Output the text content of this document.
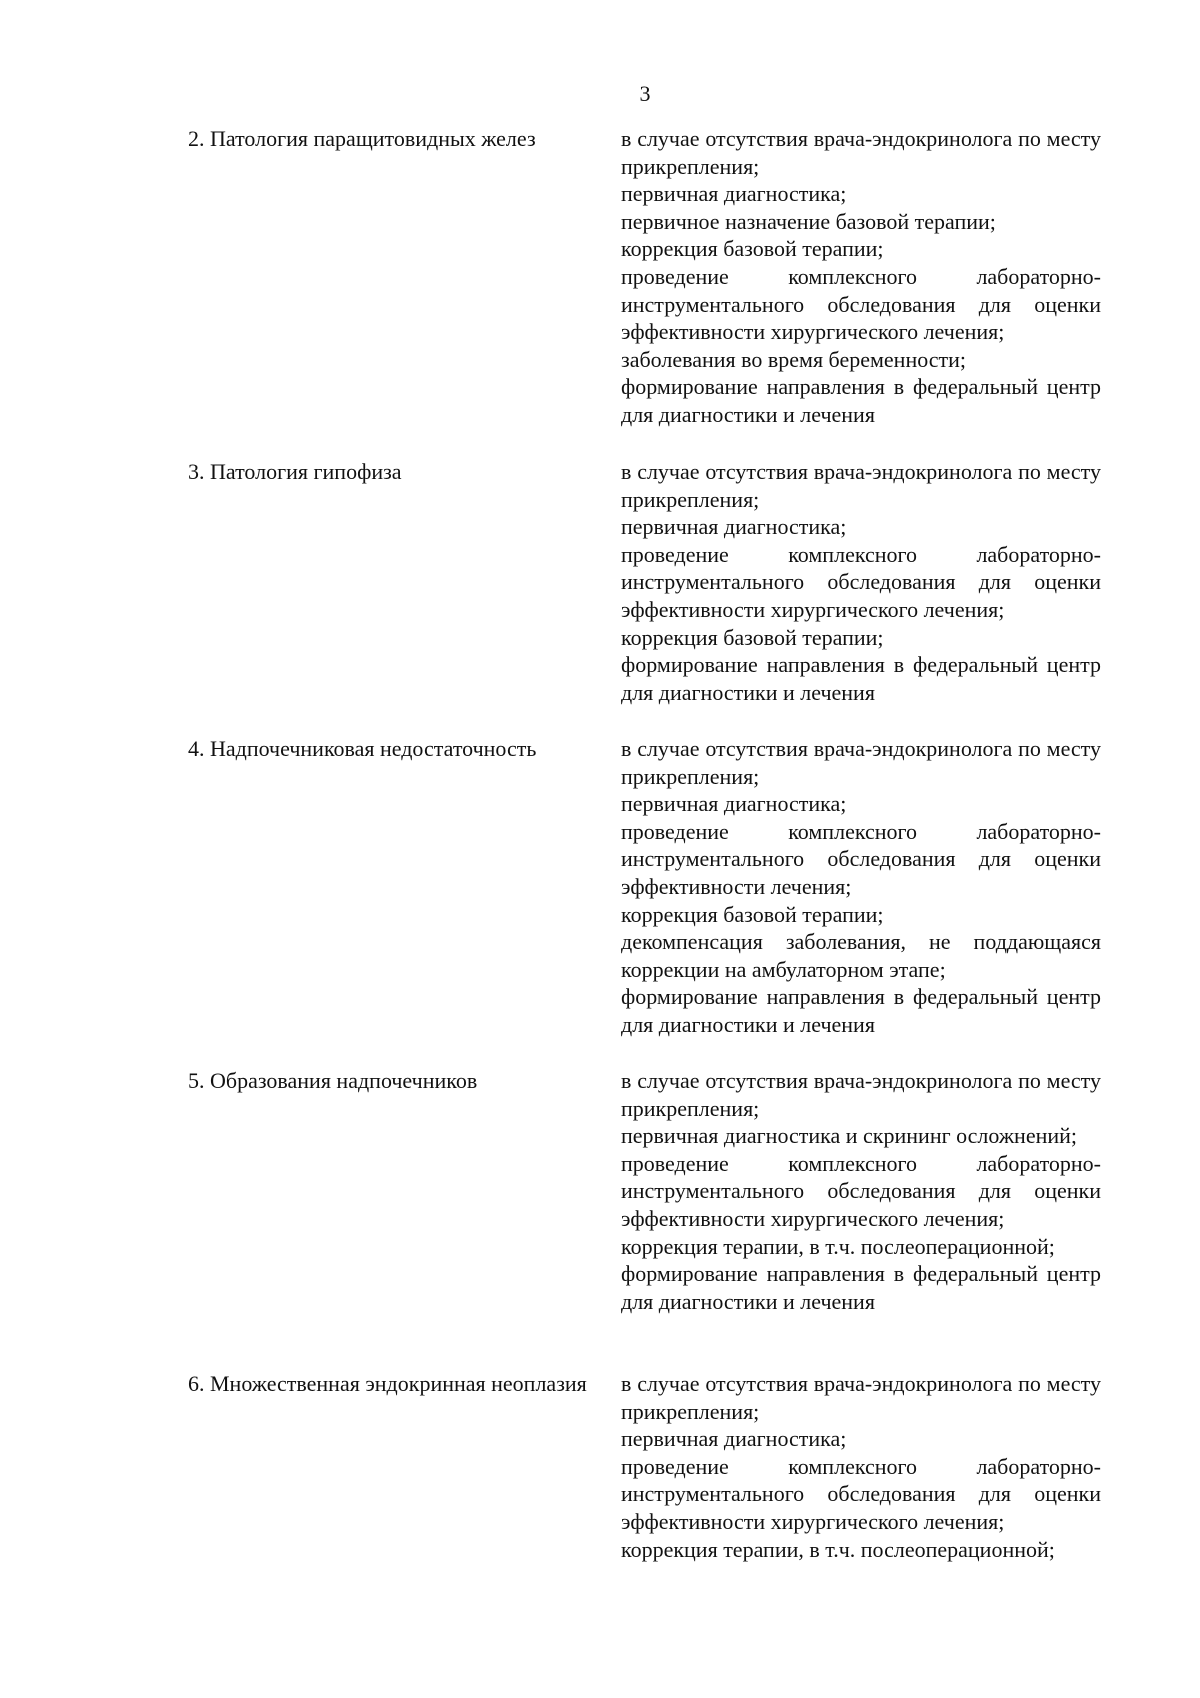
3
2. Патология паращитовидных желез	в случае отсутствия врача-эндокринолога по месту прикрепления;
первичная диагностика;
первичное назначение базовой терапии;
коррекция базовой терапии;
проведение комплексного лабораторно-инструментального обследования для оценки эффективности хирургического лечения;
заболевания во время беременности;
формирование направления в федеральный центр для диагностики и лечения
3. Патология гипофиза	в случае отсутствия врача-эндокринолога по месту прикрепления;
первичная диагностика;
проведение комплексного лабораторно-инструментального обследования для оценки эффективности хирургического лечения;
коррекция базовой терапии;
формирование направления в федеральный центр для диагностики и лечения
4. Надпочечниковая недостаточность	в случае отсутствия врача-эндокринолога по месту прикрепления;
первичная диагностика;
проведение комплексного лабораторно-инструментального обследования для оценки эффективности лечения;
коррекция базовой терапии;
декомпенсация заболевания, не поддающаяся коррекции на амбулаторном этапе;
формирование направления в федеральный центр для диагностики и лечения
5. Образования надпочечников	в случае отсутствия врача-эндокринолога по месту прикрепления;
первичная диагностика и скрининг осложнений;
проведение комплексного лабораторно-инструментального обследования для оценки эффективности хирургического лечения;
коррекция терапии, в т.ч. послеоперационной;
формирование направления в федеральный центр для диагностики и лечения
6. Множественная эндокринная неоплазия	в случае отсутствия врача-эндокринолога по месту прикрепления;
первичная диагностика;
проведение комплексного лабораторно-инструментального обследования для оценки эффективности хирургического лечения;
коррекция терапии, в т.ч. послеоперационной;
